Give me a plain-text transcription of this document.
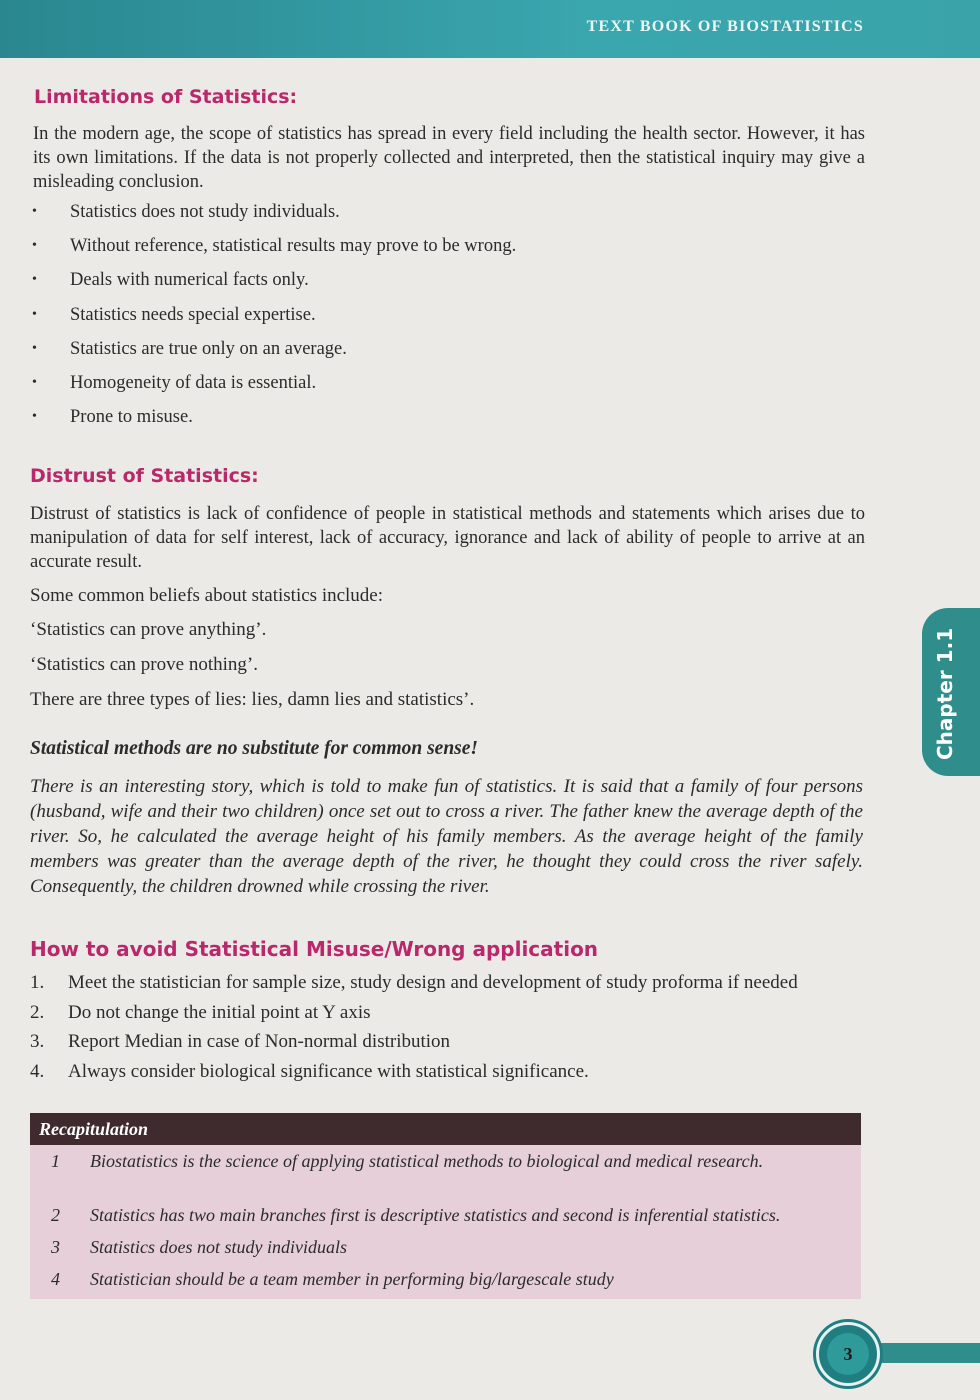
TEXT BOOK OF BIOSTATISTICS
Limitations of Statistics:

In the modern age, the scope of statistics has spread in every field including the health sector. However, it has its own limitations. If the data is not properly collected and interpreted, then the statistical inquiry may give a misleading conclusion.

•	Statistics does not study individuals.
•	Without reference, statistical results may prove to be wrong.
•	Deals with numerical facts only.
•	Statistics needs special expertise.
•	Statistics are true only on an average.
•	Homogeneity of data is essential.
•	Prone to misuse.
Distrust of Statistics:

Distrust of statistics is lack of confidence of people in statistical methods and statements which arises due to manipulation of data for self interest, lack of accuracy, ignorance and lack of ability of people to arrive at an accurate result.

Some common beliefs about statistics include:
‘Statistics can prove anything’.
‘Statistics can prove nothing’.
There are three types of lies: lies, damn lies and statistics’.
Statistical methods are no substitute for common sense!

There is an interesting story, which is told to make fun of statistics. It is said that a family of four persons (husband, wife and their two children) once set out to cross a river. The father knew the average depth of the river. So, he calculated the average height of his family members. As the average height of the family members was greater than the average depth of the river, he thought they could cross the river safely. Consequently, the children drowned while crossing the river.

How to avoid Statistical Misuse/Wrong application
1.	Meet the statistician for sample size, study design and development of study proforma if needed
2.	Do not change the initial point at Y axis
3.	Report Median in case of Non-normal distribution
4.	Always consider biological significance with statistical significance.
Recapitulation
1	Biostatistics is the science of applying statistical methods to biological and medical research.
2	Statistics has two main branches first is descriptive statistics and second is inferential statistics.
3	Statistics does not study individuals
4	Statistician should be a team member in performing big/largescale study
Chapter 1.1
3
